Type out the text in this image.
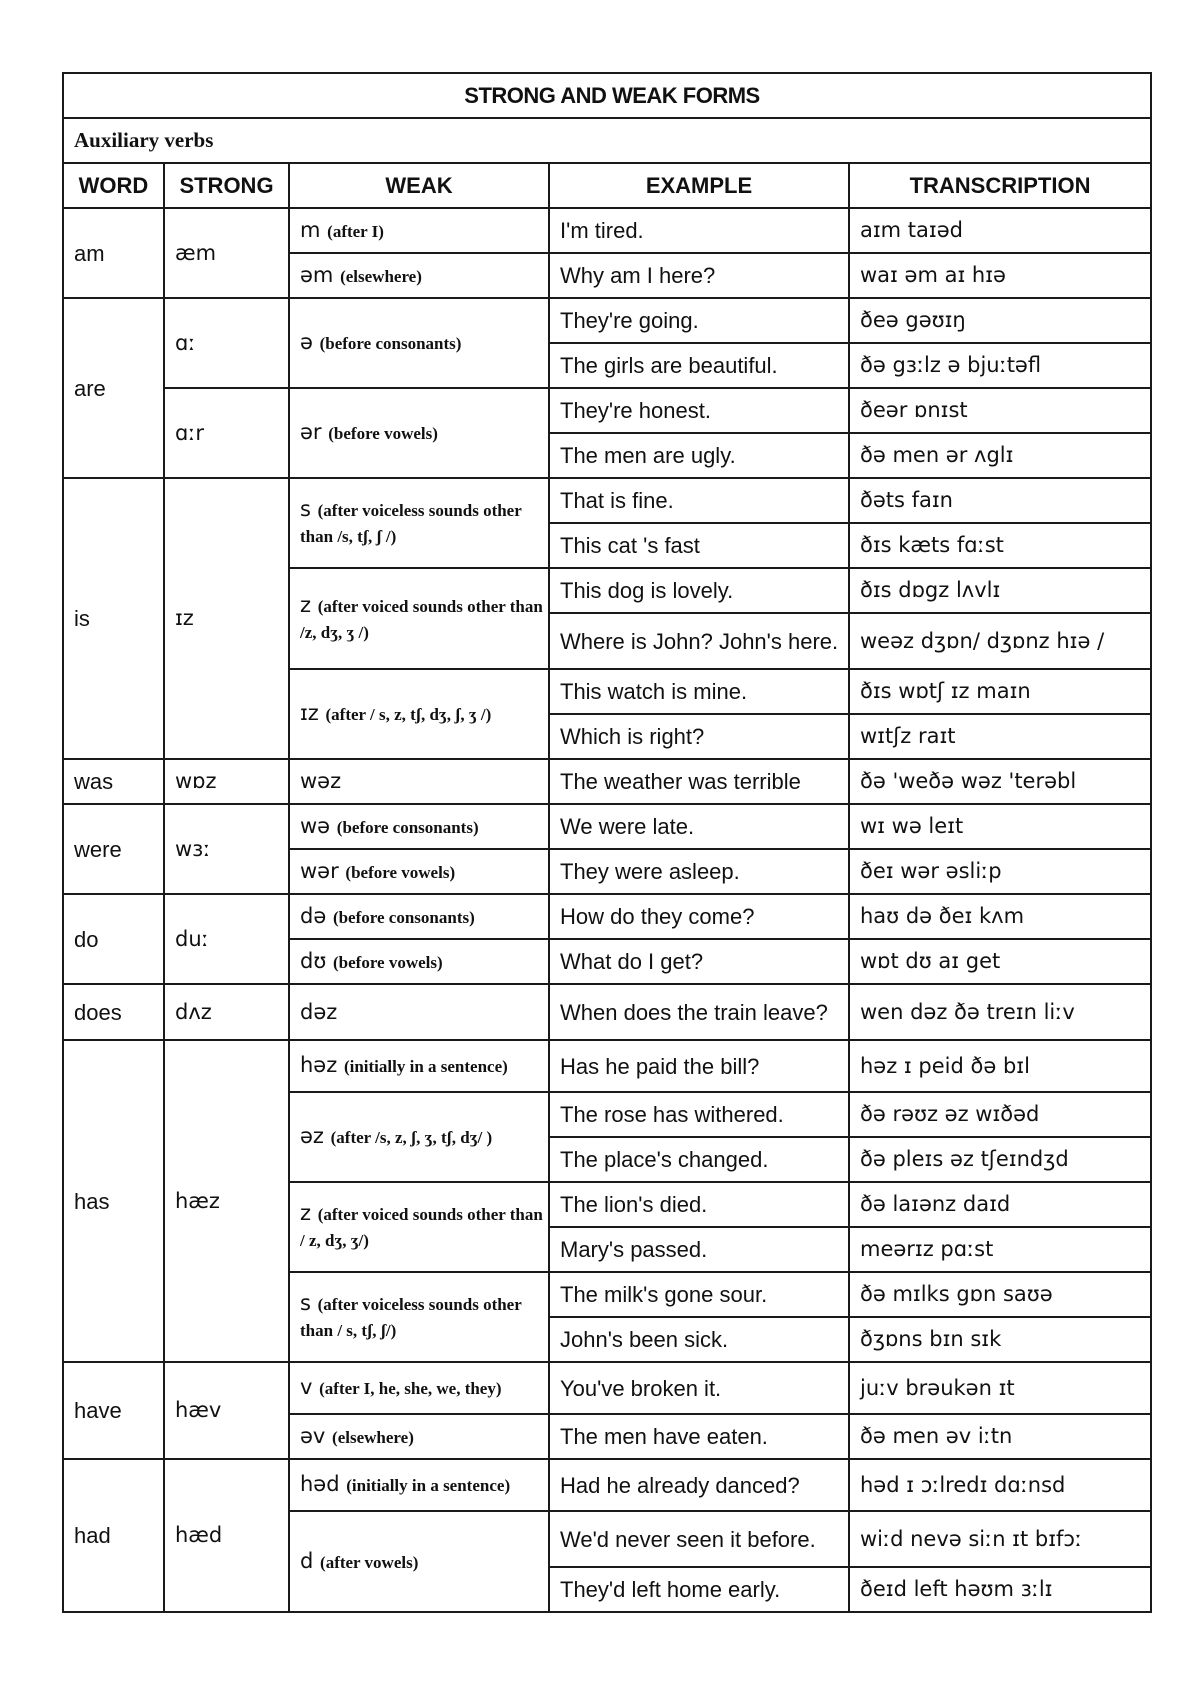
STRONG AND WEAK FORMS				
Auxiliary verbs				
WORD	STRONG	WEAK	EXAMPLE	TRANSCRIPTION
am	æm	m (after I)	I'm tired.	aɪm taɪəd
		əm (elsewhere)	Why am I here?	waɪ əm aɪ hɪə
are	ɑː	ə (before consonants)	They're going.	ðeə gəʊɪŋ
			The girls are beautiful.	ðə gɜːlz ə bjuːtəfl
	ɑːr	ər (before vowels)	They're honest.	ðeər ɒnɪst
			The men are ugly.	ðə men ər ʌglɪ
is	ɪz	s (after voiceless sounds other than /s, tʃ, ʃ /)	That is fine.	ðəts faɪn
			This cat 's fast	ðɪs kæts fɑːst
		z (after voiced sounds other than /z, dʒ, ʒ /)	This dog is lovely.	ðɪs dɒgz lʌvlɪ
			Where is John? John's here.	weəz dʒɒn/ dʒɒnz hɪə /
		ɪz (after / s, z, tʃ, dʒ, ʃ, ʒ /)	This watch is mine.	ðɪs wɒtʃ ɪz maɪn
			Which is right?	wɪtʃz raɪt
was	wɒz	wəz	The weather was terrible	ðə 'weðə wəz 'terəbl
were	wɜː	wə (before consonants)	We were late.	wɪ wə leɪt
		wər (before vowels)	They were asleep.	ðeɪ wər əsliːp
do	duː	də (before consonants)	How do they come?	haʊ də ðeɪ kʌm
		dʊ (before vowels)	What do I get?	wɒt dʊ aɪ get
does	dʌz	dəz	When does the train leave?	wen dəz ðə treɪn liːv
has	hæz	həz (initially in a sentence)	Has he paid the bill?	həz ɪ peid ðə bɪl
		əz (after /s, z, ʃ, ʒ, tʃ, dʒ/ )	The rose has withered.	ðə rəʊz əz wɪðəd
			The place's changed.	ðə pleɪs əz tʃeɪndʒd
		z (after voiced sounds other than / z, dʒ, ʒ/)	The lion's died.	ðə laɪənz daɪd
			Mary's passed.	meərɪz pɑːst
		s (after voiceless sounds other than / s, tʃ, ʃ/)	The milk's gone sour.	ðə mɪlks gɒn saʊə
			John's been sick.	ðʒɒns bɪn sɪk
have	hæv	v (after I, he, she, we, they)	You've broken it.	juːv brəukən ɪt
		əv (elsewhere)	The men have eaten.	ðə men əv iːtn
had	hæd	həd (initially in a sentence)	Had he already danced?	həd ɪ ɔːlredɪ dɑːnsd
		d (after vowels)	We'd never seen it before.	wiːd nevə siːn ɪt bɪfɔː
			They'd left home early.	ðeɪd left həʊm ɜːlɪ
